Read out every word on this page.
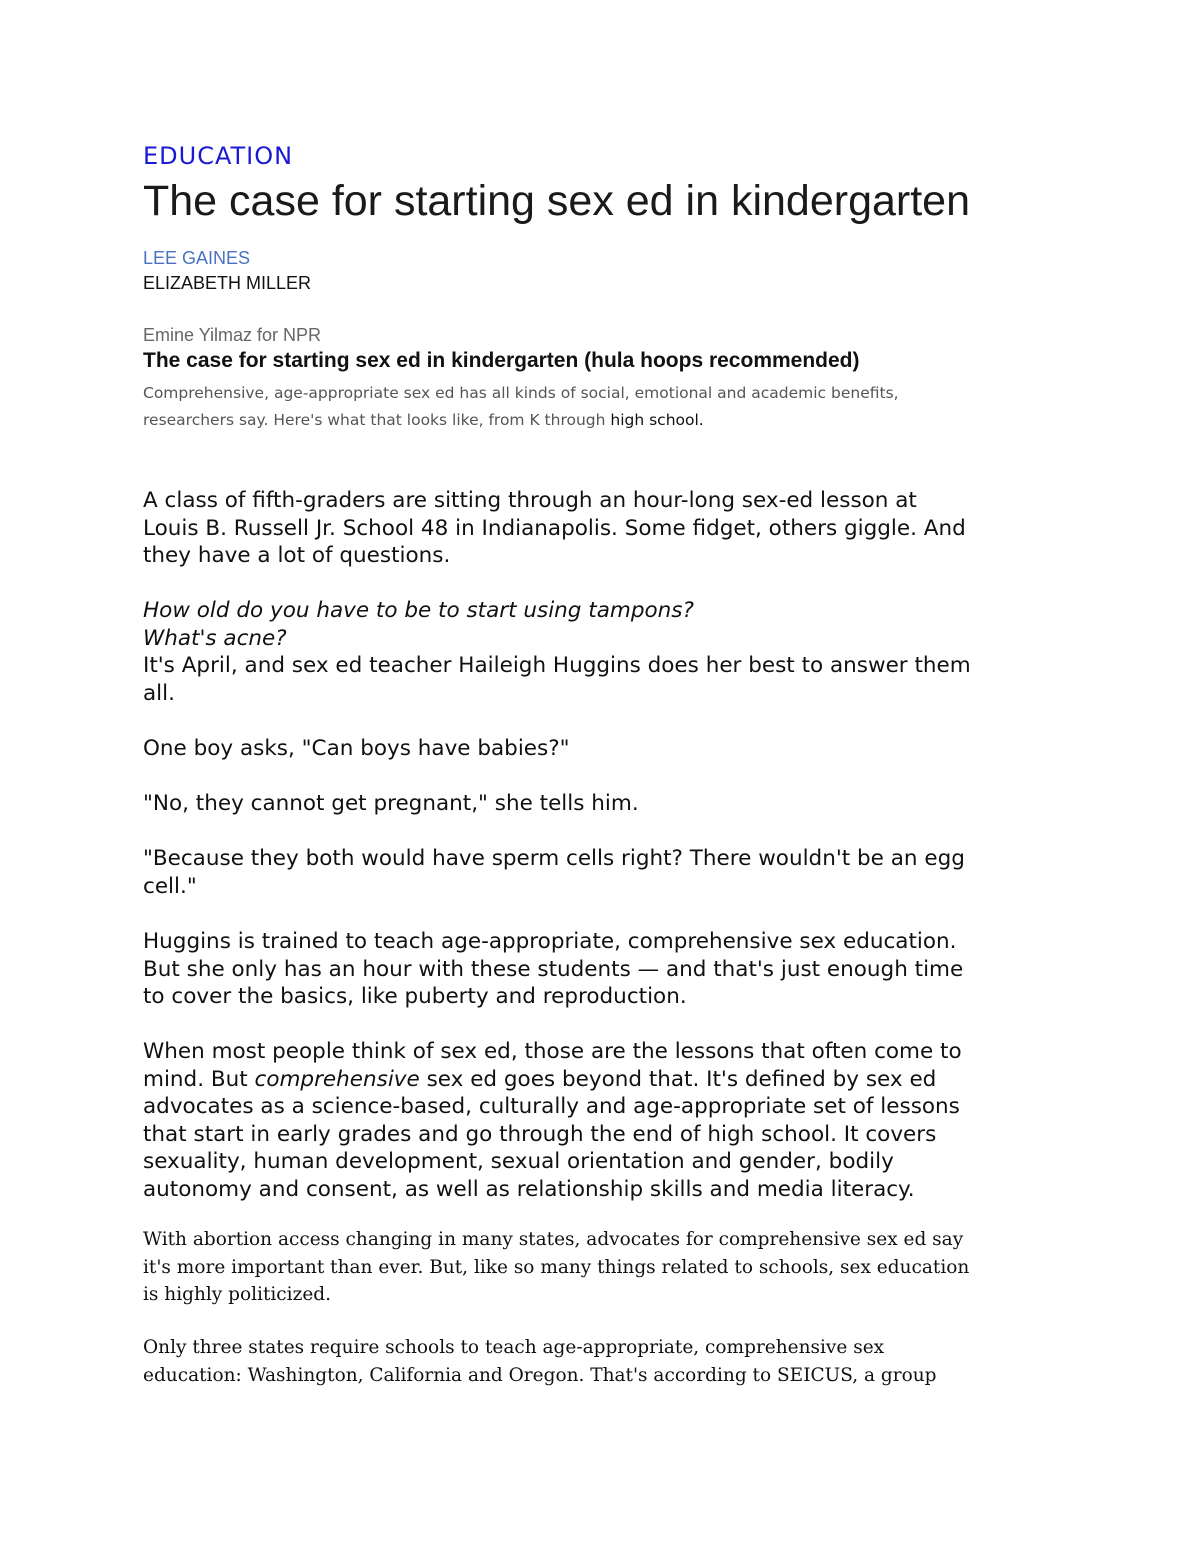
EDUCATION
The case for starting sex ed in kindergarten
LEE GAINES
ELIZABETH MILLER
Emine Yilmaz for NPR
The case for starting sex ed in kindergarten (hula hoops recommended)
Comprehensive, age-appropriate sex ed has all kinds of social, emotional and academic benefits,
researchers say. Here's what that looks like, from K through high school.
A class of fifth-graders are sitting through an hour-long sex-ed lesson at
Louis B. Russell Jr. School 48 in Indianapolis. Some fidget, others giggle. And
they have a lot of questions.
How old do you have to be to start using tampons?
What's acne?
It's April, and sex ed teacher Haileigh Huggins does her best to answer them
all.
One boy asks, "Can boys have babies?"
"No, they cannot get pregnant," she tells him.
"Because they both would have sperm cells right? There wouldn't be an egg
cell."
Huggins is trained to teach age-appropriate, comprehensive sex education.
But she only has an hour with these students — and that's just enough time
to cover the basics, like puberty and reproduction.
When most people think of sex ed, those are the lessons that often come to
mind. But comprehensive sex ed goes beyond that. It's defined by sex ed
advocates as a science-based, culturally and age-appropriate set of lessons
that start in early grades and go through the end of high school. It covers
sexuality, human development, sexual orientation and gender, bodily
autonomy and consent, as well as relationship skills and media literacy.
With abortion access changing in many states, advocates for comprehensive sex ed say
it's more important than ever. But, like so many things related to schools, sex education
is highly politicized.
Only three states require schools to teach age-appropriate, comprehensive sex
education: Washington, California and Oregon. That's according to SEICUS, a group
